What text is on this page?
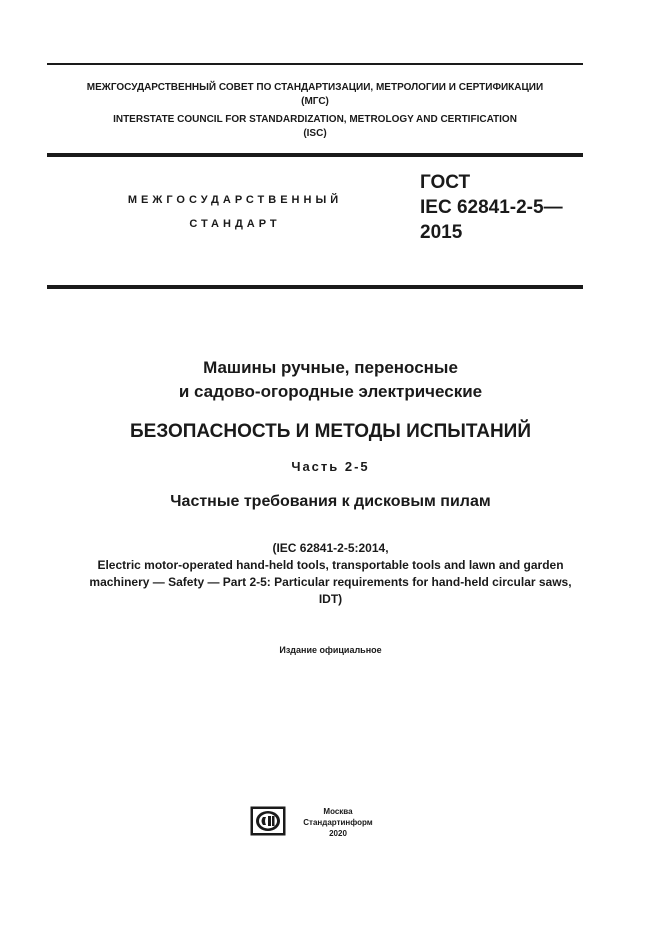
МЕЖГОСУДАРСТВЕННЫЙ СОВЕТ ПО СТАНДАРТИЗАЦИИ, МЕТРОЛОГИИ И СЕРТИФИКАЦИИ
(МГС)
INTERSTATE COUNCIL FOR STANDARDIZATION, METROLOGY AND CERTIFICATION
(ISC)
МЕЖГОСУДАРСТВЕННЫЙ
СТАНДАРТ
ГОСТ
IEC 62841-2-5—
2015
Машины ручные, переносные
и садово-огородные электрические
БЕЗОПАСНОСТЬ И МЕТОДЫ ИСПЫТАНИЙ
Часть 2-5
Частные требования к дисковым пилам
(IEC 62841-2-5:2014,
Electric motor-operated hand-held tools, transportable tools and lawn and garden
machinery — Safety — Part 2-5: Particular requirements for hand-held circular saws,
IDT)
Издание официальное
Москва
Стандартинформ
2020
